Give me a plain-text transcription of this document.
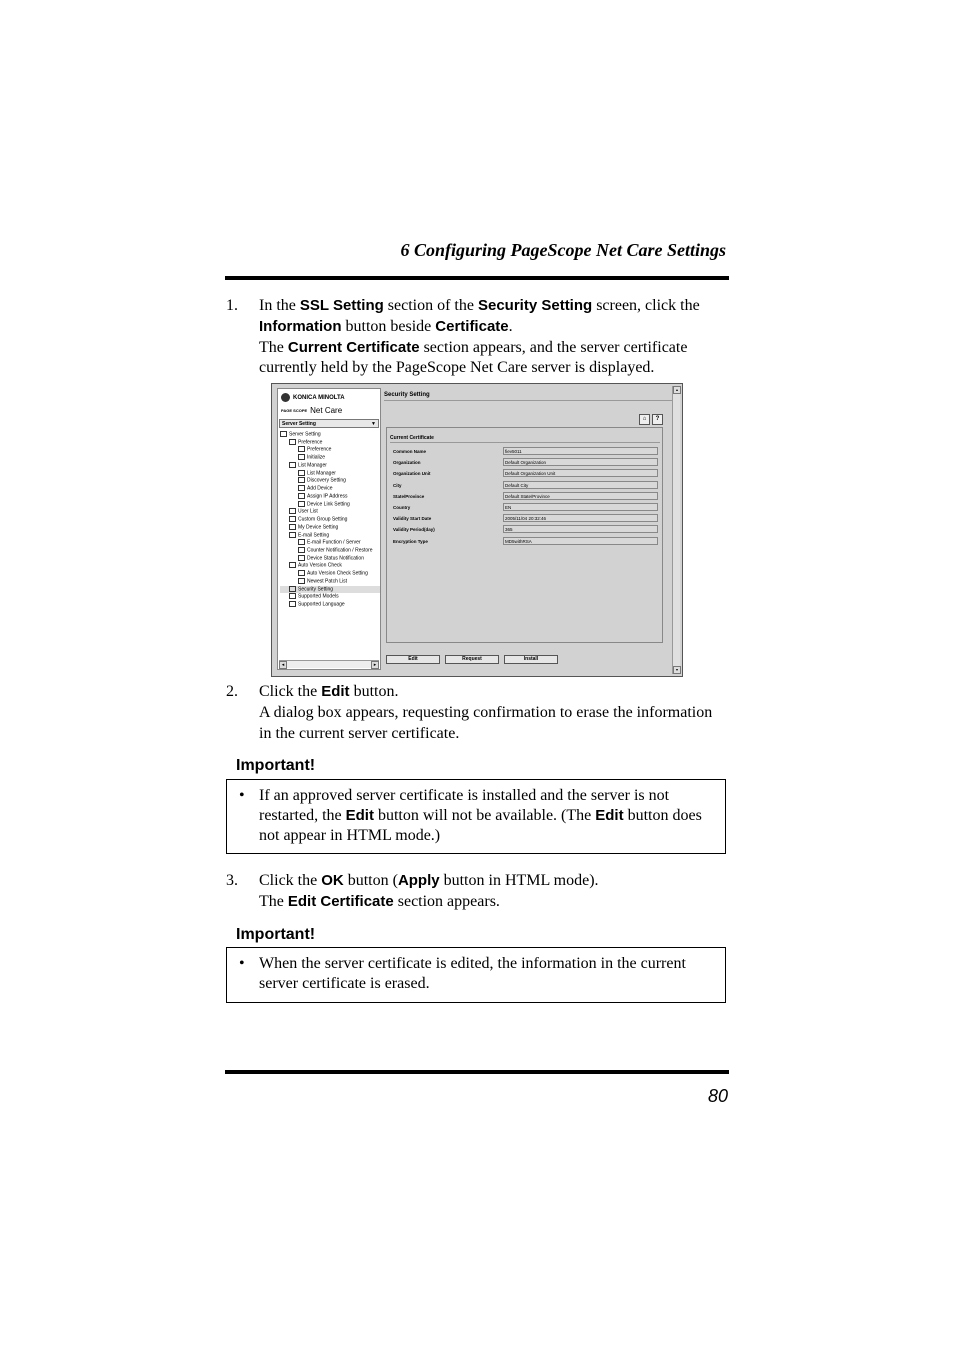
6 Configuring PageScope Net Care Settings
1.	In the SSL Setting section of the Security Setting screen, click the Information button beside Certificate.

The Current Certificate section appears, and the server certificate currently held by the PageScope Net Care server is displayed.

KONICA MINOLTA
PAGE SCOPE Net Care
Server Setting	▼
Server Setting
Preference
Preference
Initialize
List Manager
List Manager
Discovery Setting
Add Device
Assign IP Address
Device Link Setting
User List
Custom Group Setting
My Device Setting
E-mail Setting
E-mail Function / Server
Counter Notification / Restore
Device Status Notification
Auto Version Check
Auto Version Check Setting
Newest Patch List
Security Setting
Supported Models
Supported Language
◂	▸
Security Setting
⌂	?
Current Certificate
Common Name	fiev5011
Organization	Default Organization
Organization Unit	Default Organization Unit
City	Default City
State/Province	Default State/Province
Country	EN
Validity Start Date	2005/11/04 20:32:46
Validity Period(day)	365
Encryption Type	MD5withRSA
Edit	Request	Install
▴
▾
2.	Click the Edit button.

A dialog box appears, requesting confirmation to erase the information in the current server certificate.

Important!
• If an approved server certificate is installed and the server is not restarted, the Edit button will not be available. (The Edit button does not appear in HTML mode.)
3.	Click the OK button (Apply button in HTML mode).

The Edit Certificate section appears.

Important!
• When the server certificate is edited, the information in the current server certificate is erased.
80
